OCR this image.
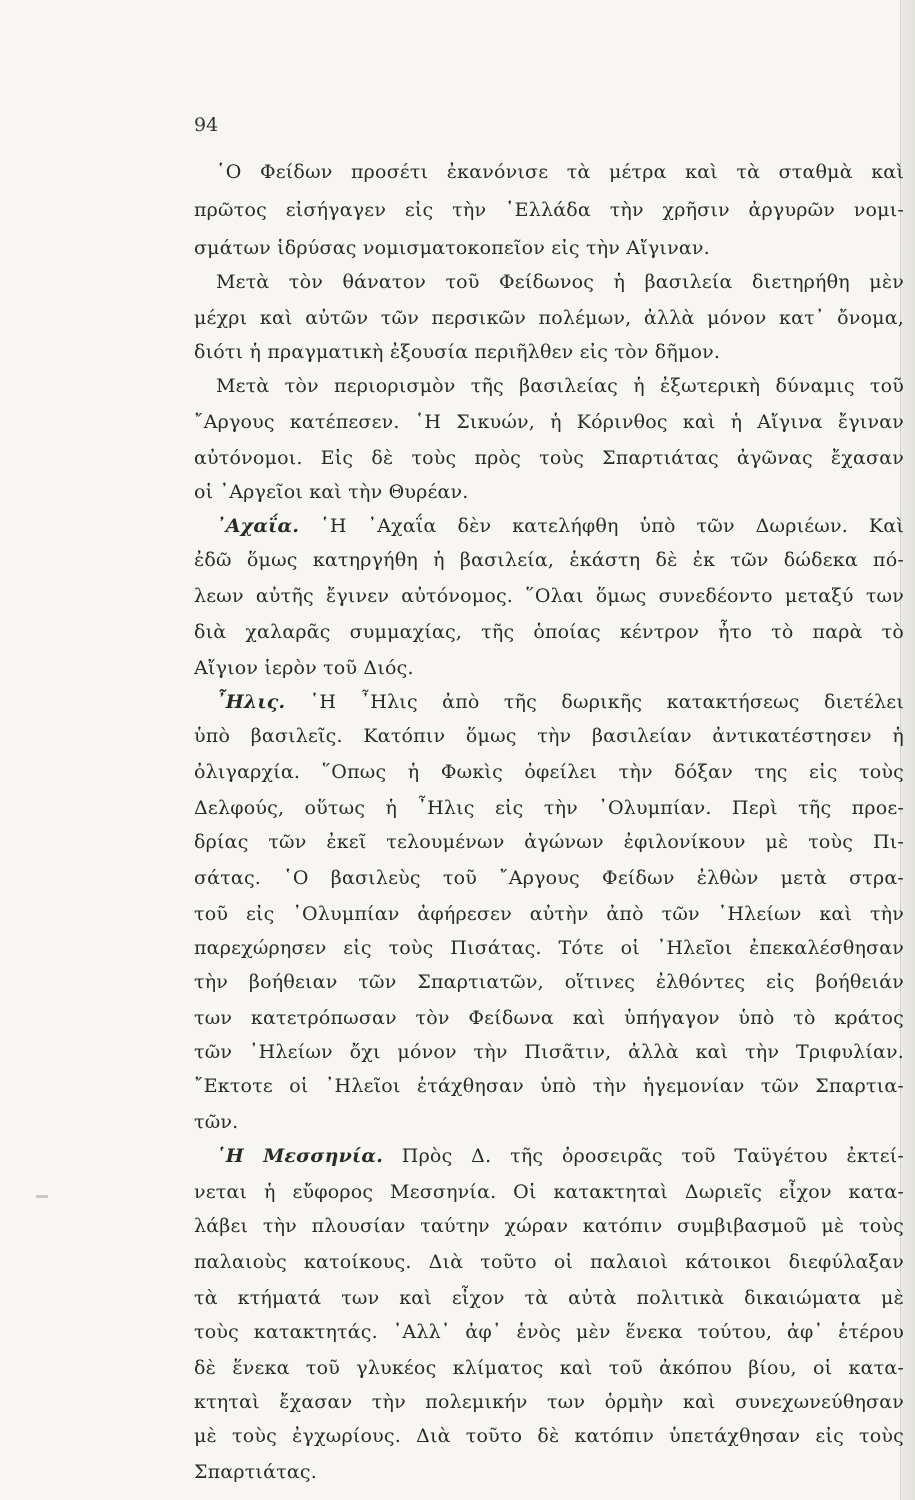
94
῾Ο Φείδων προσέτι ἐκανόνισε τὰ μέτρα καὶ τὰ σταθμὰ καὶ
πρῶτος εἰσήγαγεν εἰς τὴν ῾Ελλάδα τὴν χρῆσιν ἀργυρῶν νομι-
σμάτων ἱδρύσας νομισματοκοπεῖον εἰς τὴν Αἴγιναν.
Μετὰ τὸν θάνατον τοῦ Φείδωνος ἡ βασιλεία διετηρήθη μὲν
μέχρι καὶ αὐτῶν τῶν περσικῶν πολέμων, ἀλλὰ μόνον κατ᾿ ὄνομα,
διότι ἡ πραγματικὴ ἐξουσία περιῆλθεν εἰς τὸν δῆμον.
Μετὰ τὸν περιορισμὸν τῆς βασιλείας ἡ ἐξωτερικὴ δύναμις τοῦ
῎Αργους κατέπεσεν. ῾Η Σικυών, ἡ Κόρινθος καὶ ἡ Αἴγινα ἔγιναν
αὐτόνομοι. Εἰς δὲ τοὺς πρὸς τοὺς Σπαρτιάτας ἀγῶνας ἔχασαν
οἱ ᾿Αργεῖοι καὶ τὴν Θυρέαν.
᾿Αχαΐα. ῾Η ᾿Αχαΐα δὲν κατελήφθη ὑπὸ τῶν Δωριέων. Καὶ
ἐδῶ ὅμως κατηργήθη ἡ βασιλεία, ἑκάστη δὲ ἐκ τῶν δώδεκα πό-
λεων αὐτῆς ἔγινεν αὐτόνομος. ῞Ολαι ὅμως συνεδέοντο μεταξύ των
διὰ χαλαρᾶς συμμαχίας, τῆς ὁποίας κέντρον ἦτο τὸ παρὰ τὸ
Αἴγιον ἱερὸν τοῦ Διός.
῏Ηλις. ῾Η ῏Ηλις ἀπὸ τῆς δωρικῆς κατακτήσεως διετέλει
ὑπὸ βασιλεῖς. Κατόπιν ὅμως τὴν βασιλείαν ἀντικατέστησεν ἡ
ὀλιγαρχία. ῞Οπως ἡ Φωκὶς ὀφείλει τὴν δόξαν της εἰς τοὺς
Δελφούς, οὕτως ἡ ῏Ηλις εἰς τὴν ᾿Ολυμπίαν. Περὶ τῆς προε-
δρίας τῶν ἐκεῖ τελουμένων ἀγώνων ἐφιλονίκουν μὲ τοὺς Πι-
σάτας. ῾Ο βασιλεὺς τοῦ ῎Αργους Φείδων ἐλθὼν μετὰ στρα-
τοῦ εἰς ᾿Ολυμπίαν ἀφήρεσεν αὐτὴν ἀπὸ τῶν ᾿Ηλείων καὶ τὴν
παρεχώρησεν εἰς τοὺς Πισάτας. Τότε οἱ ᾿Ηλεῖοι ἐπεκαλέσθησαν
τὴν βοήθειαν τῶν Σπαρτιατῶν, οἵτινες ἐλθόντες εἰς βοήθειάν
των κατετρόπωσαν τὸν Φείδωνα καὶ ὑπήγαγον ὑπὸ τὸ κράτος
τῶν ᾿Ηλείων ὄχι μόνον τὴν Πισᾶτιν, ἀλλὰ καὶ τὴν Τριφυλίαν.
῎Εκτοτε οἱ ᾿Ηλεῖοι ἐτάχθησαν ὑπὸ τὴν ἡγεμονίαν τῶν Σπαρτια-
τῶν.
῾Η Μεσσηνία. Πρὸς Δ. τῆς ὀροσειρᾶς τοῦ Ταϋγέτου ἐκτεί-
νεται ἡ εὔφορος Μεσσηνία. Οἱ κατακτηταὶ Δωριεῖς εἶχον κατα-
λάβει τὴν πλουσίαν ταύτην χώραν κατόπιν συμβιβασμοῦ μὲ τοὺς
παλαιοὺς κατοίκους. Διὰ τοῦτο οἱ παλαιοὶ κάτοικοι διεφύλαξαν
τὰ κτήματά των καὶ εἶχον τὰ αὐτὰ πολιτικὰ δικαιώματα μὲ
τοὺς κατακτητάς. ᾿Αλλ᾿ ἀφ᾿ ἑνὸς μὲν ἕνεκα τούτου, ἀφ᾿ ἑτέρου
δὲ ἕνεκα τοῦ γλυκέος κλίματος καὶ τοῦ ἀκόπου βίου, οἱ κατα-
κτηταὶ ἔχασαν τὴν πολεμικήν των ὁρμὴν καὶ συνεχωνεύθησαν
μὲ τοὺς ἐγχωρίους. Διὰ τοῦτο δὲ κατόπιν ὑπετάχθησαν εἰς τοὺς
Σπαρτιάτας.
